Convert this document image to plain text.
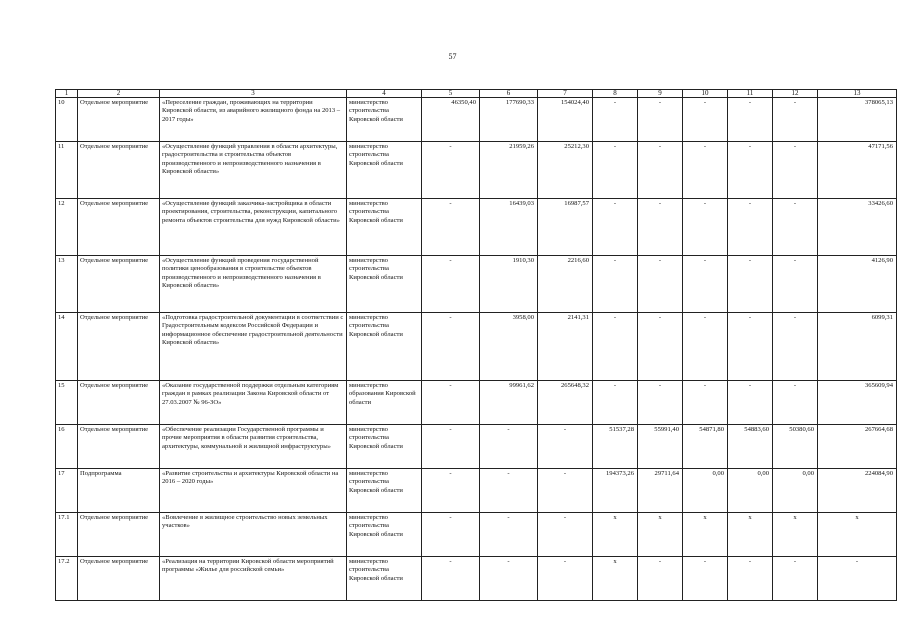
57
1	2	3	4	5	6	7	8	9	10	11	12	13
10	Отдельное мероприятие	«Переселение граждан, проживающих на территории Кировской области, из аварийного жилищного фонда на 2013 – 2017 годы»	министерство строительства Кировской области	46350,40	177690,33	154024,40	-	-	-	-	-	378065,13
11	Отдельное мероприятие	«Осуществление функций управления в области архитектуры, градостроительства и строительства объектов производственного и непроизводственного назначения в Кировской области»	министерство строительства Кировской области	-	21959,26	25212,30	-	-	-	-	-	47171,56
12	Отдельное мероприятие	«Осуществление функций заказчика-застройщика в области проектирования, строительства, реконструкции, капитального ремонта объектов строительства для нужд Кировской области»	министерство строительства Кировской области	-	16439,03	16987,57	-	-	-	-	-	33426,60
13	Отдельное мероприятие	«Осуществление функций проведения государственной политики ценообразования в строительстве объектов производственного и непроизводственного назначения в Кировской области»	министерство строительства Кировской области	-	1910,30	2216,60	-	-	-	-	-	4126,90
14	Отдельное мероприятие	«Подготовка градостроительной документации в соответствии с Градостроительным кодексом Российской Федерации и информационное обеспечение градостроительной деятельности Кировской области»	министерство строительства Кировской области	-	3958,00	2141,31	-	-	-	-	-	6099,31
15	Отдельное мероприятие	«Оказание государственной поддержки отдельным категориям граждан в рамках реализации Закона Кировской области от 27.03.2007 № 96-ЗО»	министерство образования Кировской области	-	99961,62	265648,32	-	-	-	-	-	365609,94
16	Отдельное мероприятие	«Обеспечение реализации Государственной программы и прочие мероприятия в области развития строительства, архитектуры, коммунальной и жилищной инфраструктуры»	министерство строительства Кировской области	-	-	-	51537,28	55991,40	54871,80	54883,60	50380,60	267664,68
17	Подпрограмма	«Развитие строительства и архитектуры Кировской области на 2016 – 2020 годы»	министерство строительства Кировской области	-	-	-	194373,26	29711,64	0,00	0,00	0,00	224084,90
17.1	Отдельное мероприятие	«Вовлечение в жилищное строительство новых земельных участков»	министерство строительства Кировской области	-	-	-	х	х	х	х	х	х
17.2	Отдельное мероприятие	«Реализация на территории Кировской области мероприятий программы «Жилье для российской семьи»	министерство строительства Кировской области	-	-	-	х	-	-	-	-	-
